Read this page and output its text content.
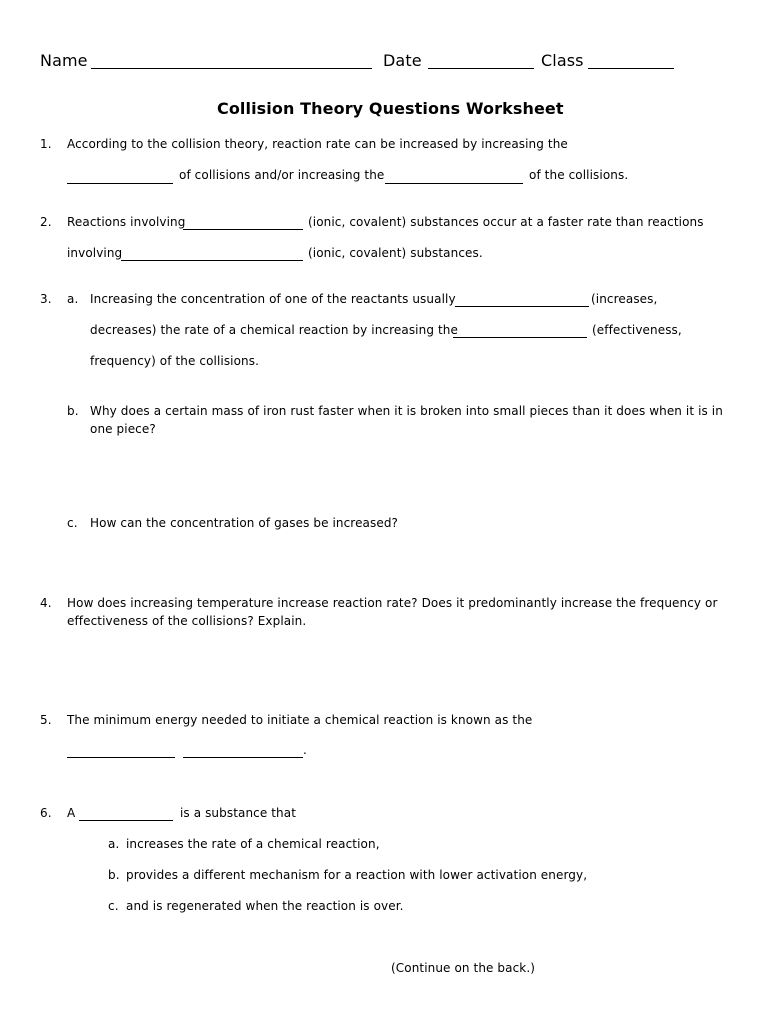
Name	Date	Class
Collision Theory Questions Worksheet
1. According to the collision theory, reaction rate can be increased by increasing the
of collisions and/or increasing the	of the collisions.
2. Reactions involving	(ionic, covalent) substances occur at a faster rate than reactions
involving	(ionic, covalent) substances.
3. a. Increasing the concentration of one of the reactants usually	(increases,
decreases) the rate of a chemical reaction by increasing the	(effectiveness,
frequency) of the collisions.
b. Why does a certain mass of iron rust faster when it is broken into small pieces than it does when it is in
one piece?
c. How can the concentration of gases be increased?
4. How does increasing temperature increase reaction rate? Does it predominantly increase the frequency or
effectiveness of the collisions? Explain.
5. The minimum energy needed to initiate a chemical reaction is known as the
.
6. A	is a substance that
a. increases the rate of a chemical reaction,
b. provides a different mechanism for a reaction with lower activation energy,
c. and is regenerated when the reaction is over.
(Continue on the back.)
